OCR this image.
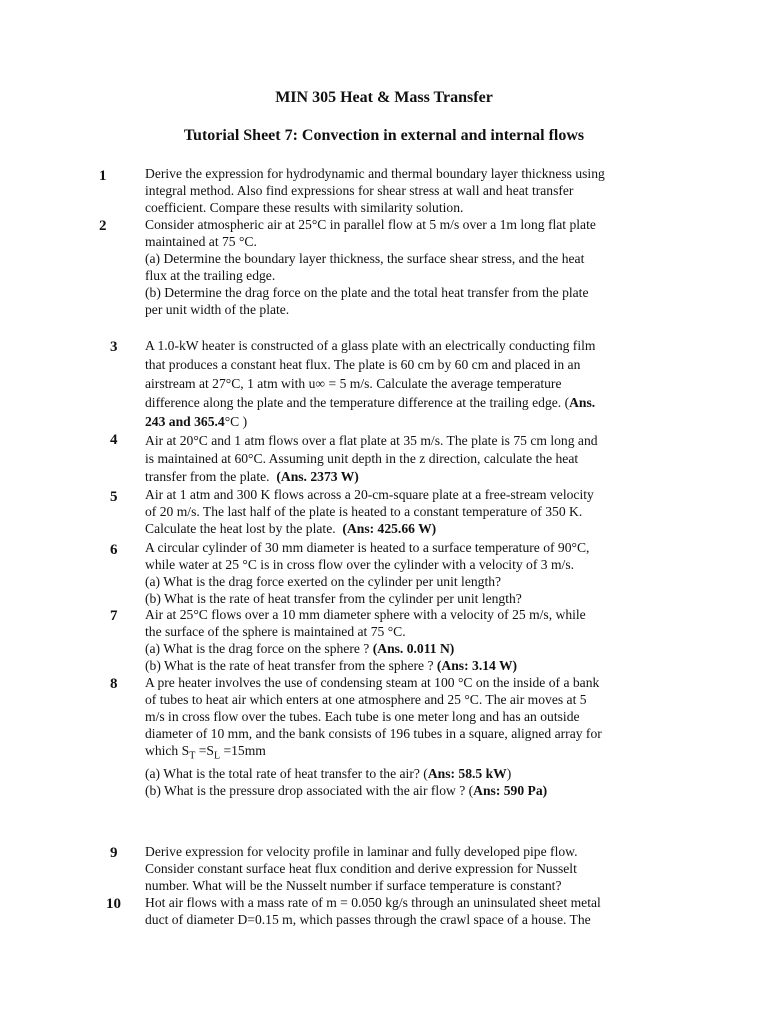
MIN 305 Heat & Mass Transfer
Tutorial Sheet 7: Convection in external and internal flows
1	Derive the expression for hydrodynamic and thermal boundary layer thickness using
integral method. Also find expressions for shear stress at wall and heat transfer
coefficient. Compare these results with similarity solution.
2	Consider atmospheric air at 25°C in parallel flow at 5 m/s over a 1m long flat plate
maintained at 75 °C.
(a) Determine the boundary layer thickness, the surface shear stress, and the heat
flux at the trailing edge.
(b) Determine the drag force on the plate and the total heat transfer from the plate
per unit width of the plate.
3 A 1.0-kW heater is constructed of a glass plate with an electrically conducting film
that produces a constant heat flux. The plate is 60 cm by 60 cm and placed in an
airstream at 27°C, 1 atm with u∞ = 5 m/s. Calculate the average temperature
difference along the plate and the temperature difference at the trailing edge. (Ans.
243 and 365.4°C )
4 Air at 20°C and 1 atm flows over a flat plate at 35 m/s. The plate is 75 cm long and
is maintained at 60°C. Assuming unit depth in the z direction, calculate the heat
transfer from the plate. (Ans. 2373 W)
5 Air at 1 atm and 300 K flows across a 20-cm-square plate at a free-stream velocity
of 20 m/s. The last half of the plate is heated to a constant temperature of 350 K.
Calculate the heat lost by the plate. (Ans: 425.66 W)
6 A circular cylinder of 30 mm diameter is heated to a surface temperature of 90°C,
while water at 25 °C is in cross flow over the cylinder with a velocity of 3 m/s.
(a) What is the drag force exerted on the cylinder per unit length?
(b) What is the rate of heat transfer from the cylinder per unit length?
7 Air at 25°C flows over a 10 mm diameter sphere with a velocity of 25 m/s, while
the surface of the sphere is maintained at 75 °C.
(a) What is the drag force on the sphere ? (Ans. 0.011 N)
(b) What is the rate of heat transfer from the sphere ? (Ans: 3.14 W)
8 A pre heater involves the use of condensing steam at 100 °C on the inside of a bank
of tubes to heat air which enters at one atmosphere and 25 °C. The air moves at 5
m/s in cross flow over the tubes. Each tube is one meter long and has an outside
diameter of 10 mm, and the bank consists of 196 tubes in a square, aligned array for
which $S_T =S_L =15mm$
(a) What is the total rate of heat transfer to the air? (Ans: 58.5 kW)
(b) What is the pressure drop associated with the air flow ? (Ans: 590 Pa)
9 Derive expression for velocity profile in laminar and fully developed pipe flow.
Consider constant surface heat flux condition and derive expression for Nusselt
number. What will be the Nusselt number if surface temperature is constant?
10 Hot air flows with a mass rate of m = 0.050 kg/s through an uninsulated sheet metal
duct of diameter D=0.15 m, which passes through the crawl space of a house. The
